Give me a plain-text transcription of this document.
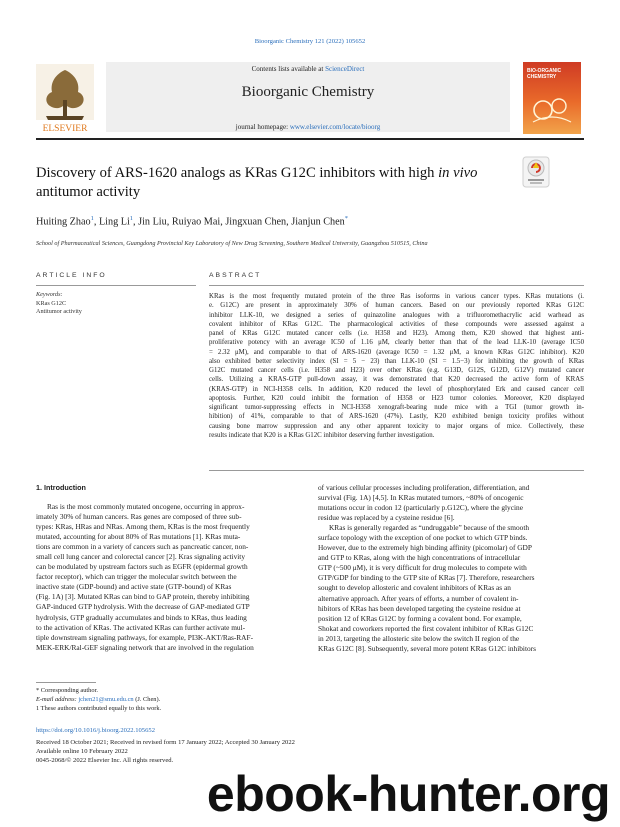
Bioorganic Chemistry 121 (2022) 105652
ELSEVIER
Contents lists available at ScienceDirect
Bioorganic Chemistry
journal homepage: www.elsevier.com/locate/bioorg
BIO-ORGANIC CHEMISTRY
Discovery of ARS-1620 analogs as KRas G12C inhibitors with high in vivo antitumor activity
Huiting Zhao$^1$, Ling Li$^1$, Jin Liu, Ruiyao Mai, Jingxuan Chen, Jianjun Chen*
School of Pharmaceutical Sciences, Guangdong Provincial Key Laboratory of New Drug Screening, Southern Medical University, Guangzhou 510515, China
ARTICLE INFO	ABSTRACT
Keywords:
KRas G12C
Antitumor activity
KRas is the most frequently mutated protein of the three Ras isoforms in various cancer types. KRas mutations (i.
e. G12C) are present in approximately 30% of human cancers. Based on our previously reported KRas G12C
inhibitor LLK-10, we designed a series of quinazoline analogues with a trifluoromethacrylic acid warhead as
covalent inhibitor of KRas G12C. The pharmacological activities of these compounds were assessed against a
panel of KRas G12C mutated cancer cells (i.e. H358 and H23). Among them, K20 showed that highest anti-
proliferative potency with an average IC50 of 1.16 μM, clearly better than that of the lead LLK-10 (average IC50
= 2.32 μM), and comparable to that of ARS-1620 (average IC50 = 1.32 μM, a known KRas G12C inhibitor). K20
also exhibited better selectivity index (SI = 5 − 23) than LLK-10 (SI = 1.5−3) for inhibiting the growth of KRas
G12C mutated cancer cells (i.e. H358 and H23) over other KRas (e.g. G13D, G12S, G12D, G12V) mutated cancer
cells. Utilizing a KRAS-GTP pull-down assay, it was demonstrated that K20 decreased the active form of KRAS
(KRAS-GTP) in NCI-H358 cells. In addition, K20 reduced the level of phosphorylated Erk and caused cancer cell
apoptosis. Further, K20 could inhibit the formation of H358 or H23 tumor colonies. Moreover, K20 displayed
significant tumor-suppressing effects in NCI-H358 xenograft-bearing nude mice with a TGI (tumor growth in-
hibition) of 41%, comparable to that of ARS-1620 (47%). Lastly, K20 exhibited benign toxicity profiles without
causing bone marrow suppression and any other apparent toxicity to major organs of mice. Collectively, these
results indicate that K20 is a KRas G12C inhibitor deserving further investigation.
1. Introduction
Ras is the most commonly mutated oncogene, occurring in approx-
imately 30% of human cancers. Ras genes are composed of three sub-
types: KRas, HRas and NRas. Among them, KRas is the most frequently
mutated, accounting for about 80% of Ras mutations [1]. KRas muta-
tions are common in a variety of cancers such as pancreatic cancer, non-
small cell lung cancer and colorectal cancer [2]. Kras signaling activity
can be modulated by upstream factors such as EGFR (epidermal growth
factor receptor), which can trigger the molecular switch between the
inactive state (GDP-bound) and active state (GTP-bound) of KRas
(Fig. 1A) [3]. Mutated KRas can bind to GAP protein, thereby inhibiting
GAP-induced GTP hydrolysis. With the decrease of GAP-mediated GTP
hydrolysis, GTP gradually accumulates and binds to KRas, thus leading
to the activation of KRas. The activated KRas can further activate mul-
tiple downstream signaling pathways, for example, PI3K-AKT/Ras-RAF-
MEK-ERK/Ral-GEF signaling network that are involved in the regulation
of various cellular processes including proliferation, differentiation, and
survival (Fig. 1A) [4,5]. In KRas mutated tumors, ~80% of oncogenic
mutations occur in codon 12 (particularly p.G12C), where the glycine
residue was replaced by a cysteine residue [6].
KRas is generally regarded as “undruggable” because of the smooth
surface topology with the exception of one pocket to which GTP binds.
However, due to the extremely high binding affinity (picomolar) of GDP
and GTP to KRas, along with the high concentrations of intracellular
GTP (~500 μM), it is very difficult for drug molecules to compete with
GTP/GDP for binding to the GTP site of KRas [7]. Therefore, researchers
sought to develop allosteric and covalent inhibitors of KRas as an
alternative approach. After years of efforts, a number of covalent in-
hibitors of KRas has been developed targeting the cysteine residue at
position 12 of KRas G12C by forming a covalent bond. For example,
Shokat and coworkers reported the first covalent inhibitor of KRas G12C
in 2013, targeting the allosteric site below the switch II region of the
KRas G12C [8]. Subsequently, several more potent KRas G12C inhibitors
* Corresponding author.
E-mail address: jchen21@smu.edu.cn (J. Chen).
1 These authors contributed equally to this work.
https://doi.org/10.1016/j.bioorg.2022.105652
Received 18 October 2021; Received in revised form 17 January 2022; Accepted 30 January 2022
Available online 10 February 2022
0045-2068/© 2022 Elsevier Inc. All rights reserved.
ebook-hunter.org
